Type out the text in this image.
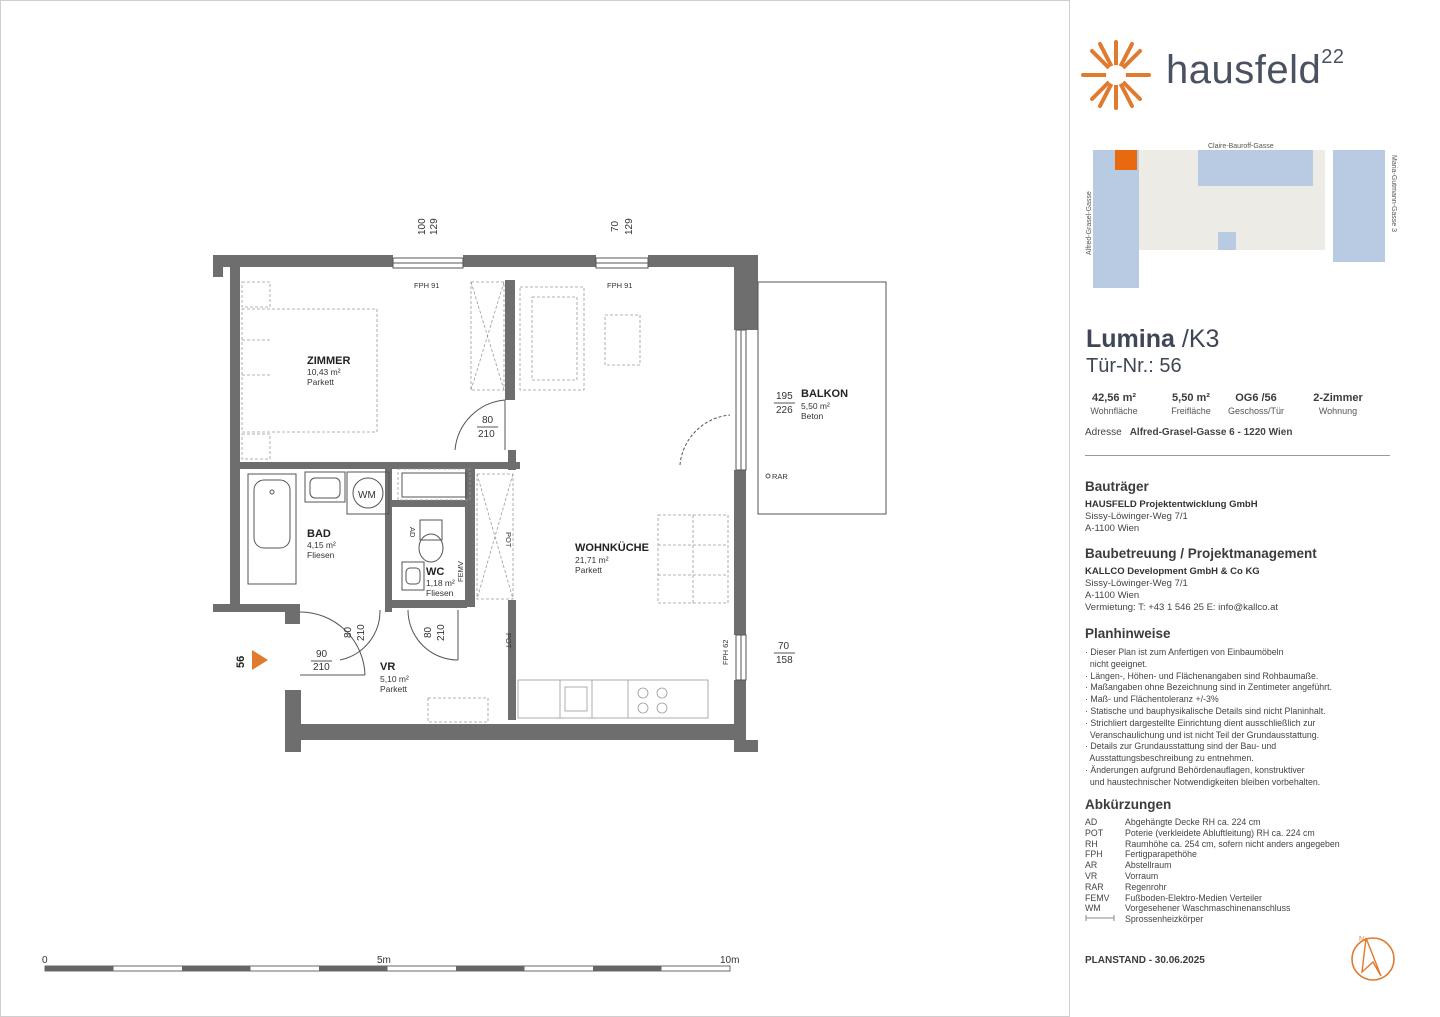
ZIMMER
10,43 m²
Parkett
BAD
4,15 m²
Fliesen
WC
1,18 m²
Fliesen
WOHNKÜCHE
21,71 m²
Parkett
VR
5,10 m²
Parkett
BALKON
5,50 m²
Beton
FPH 91	FPH 91
FPH 62
100 129	70 129
80
210
195
226
70
158
90
210
80 210	80 210
WM
FEMV
AD	POT
POT
RAR
56
0	5m	10m
hausfeld$^{22}$
Claire-Bauroff-Gasse
Alfred-Grasel-Gasse	Maria-Gutmann-Gasse 3
Lumina /K3
Tür-Nr.: 56
42,56 m²
Wohnfläche
5,50 m²
Freifläche
OG6 /56
Geschoss/Tür
2-Zimmer
Wohnung
Adresse Alfred-Grasel-Gasse 6 - 1220 Wien
Bauträger
HAUSFELD Projektentwicklung GmbH
Sissy-Löwinger-Weg 7/1
A-1100 Wien
Baubetreuung / Projektmanagement
KALLCO Development GmbH & Co KG
Sissy-Löwinger-Weg 7/1
A-1100 Wien
Vermietung: T: +43 1 546 25 E: info@kallco.at
Planhinweise
· Dieser Plan ist zum Anfertigen von Einbaumöbeln
nicht geeignet.
· Längen-, Höhen- und Flächenangaben sind Rohbaumaße.
· Maßangaben ohne Bezeichnung sind in Zentimeter angeführt.
· Maß- und Flächentoleranz +/-3%
· Statische und bauphysikalische Details sind nicht Planinhalt.
· Strichliert dargestellte Einrichtung dient ausschließlich zur
Veranschaulichung und ist nicht Teil der Grundausstattung.
· Details zur Grundausstattung sind der Bau- und
Ausstattungsbeschreibung zu entnehmen.
· Änderungen aufgrund Behördenauflagen, konstruktiver
und haustechnischer Notwendigkeiten bleiben vorbehalten.
Abkürzungen
AD	Abgehängte Decke RH ca. 224 cm
POT	Poterie (verkleidete Abluftleitung) RH ca. 224 cm
RH	Raumhöhe ca. 254 cm, sofern nicht anders angegeben
FPH	Fertigparapethöhe
AR	Abstellraum
VR	Vorraum
RAR	Regenrohr
FEMV	Fußboden-Elektro-Medien Verteiler
WM	Vorgesehener Waschmaschinenanschluss
Sprossenheizkörper
PLANSTAND - 30.06.2025
N
